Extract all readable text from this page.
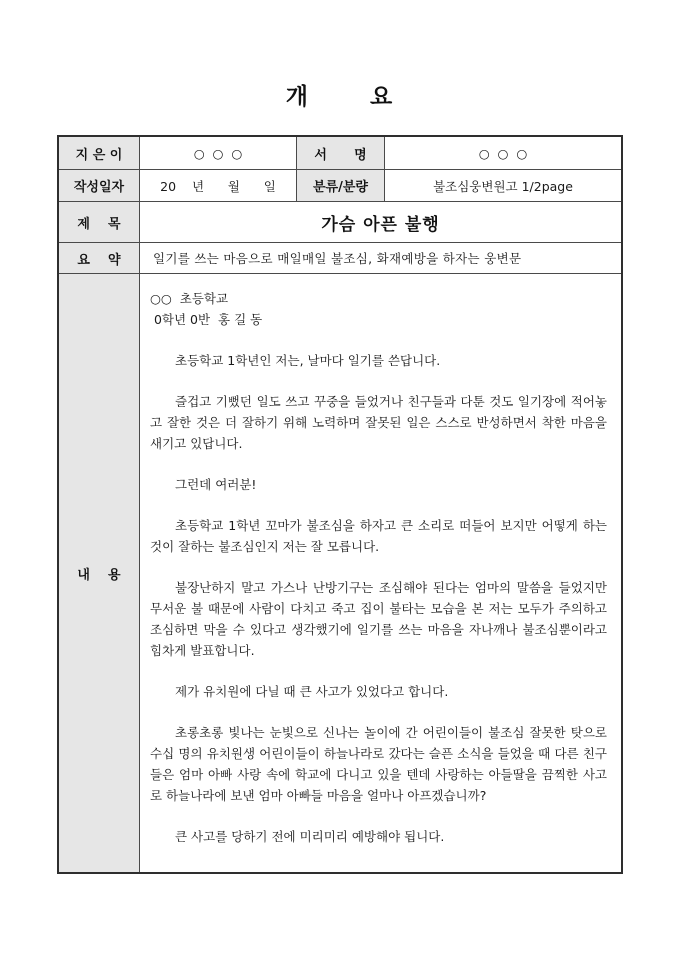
개      요
지 은 이	○  ○  ○	서      명	○  ○  ○
작성일자	20    년      월      일	분류/분량	불조심웅변원고 1/2page
제    목	가슴 아픈 불행
요    약	일기를 쓰는 마음으로 매일매일 불조심, 화재예방을 하자는 웅변문
내    용
○○  초등학교
0학년 0반  홍 길 동

초등학교 1학년인 저는, 날마다 일기를 쓴답니다.

즐겁고 기뻤던 일도 쓰고 꾸중을 들었거나 친구들과 다툰 것도 일기장에 적어놓고 잘한 것은 더 잘하기 위해 노력하며 잘못된 일은 스스로 반성하면서 착한 마음을 새기고 있답니다.

그런데 여러분!

초등학교 1학년 꼬마가 불조심을 하자고 큰 소리로 떠들어 보지만 어떻게 하는 것이 잘하는 불조심인지 저는 잘 모릅니다.

불장난하지 말고 가스나 난방기구는 조심해야 된다는 엄마의 말씀을 들었지만 무서운 불 때문에 사람이 다치고 죽고 집이 불타는 모습을 본 저는 모두가 주의하고 조심하면 막을 수 있다고 생각했기에 일기를 쓰는 마음을 자나깨나 불조심뿐이라고 힘차게 발표합니다.

제가 유치원에 다닐 때 큰 사고가 있었다고 합니다.

초롱초롱 빛나는 눈빛으로 신나는 놀이에 간 어린이들이 불조심 잘못한 탓으로 수십 명의 유치원생 어린이들이 하늘나라로 갔다는 슬픈 소식을 들었을 때 다른 친구들은 엄마 아빠 사랑 속에 학교에 다니고 있을 텐데 사랑하는 아들딸을 끔찍한 사고로 하늘나라에 보낸 엄마 아빠들 마음을 얼마나 아프겠습니까?

큰 사고를 당하기 전에 미리미리 예방해야 됩니다.
